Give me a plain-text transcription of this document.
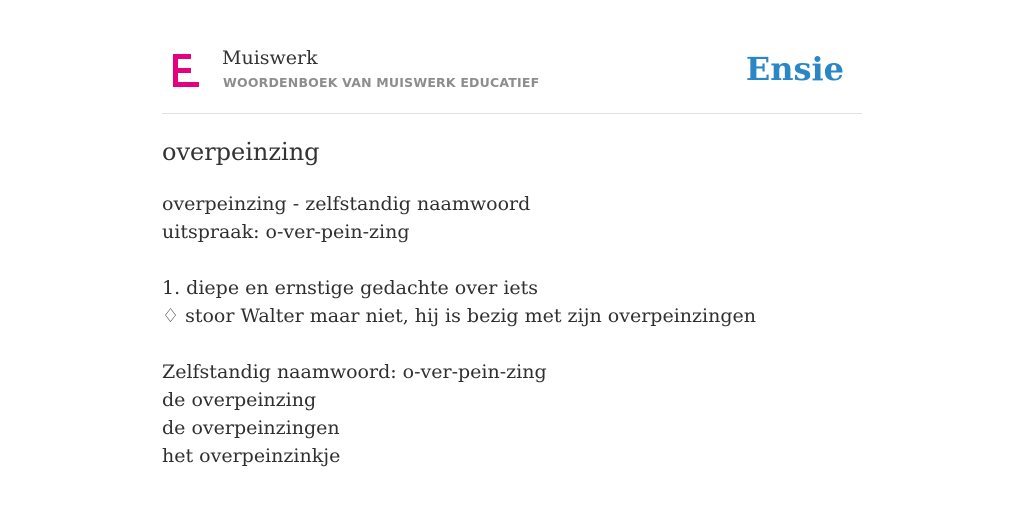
Muiswerk
WOORDENBOEK VAN MUISWERK EDUCATIEF	Ensie
overpeinzing
overpeinzing - zelfstandig naamwoord
uitspraak: o-ver-pein-zing
1. diepe en ernstige gedachte over iets
♢ stoor Walter maar niet, hij is bezig met zijn overpeinzingen
Zelfstandig naamwoord: o-ver-pein-zing
de overpeinzing
de overpeinzingen
het overpeinzinkje
